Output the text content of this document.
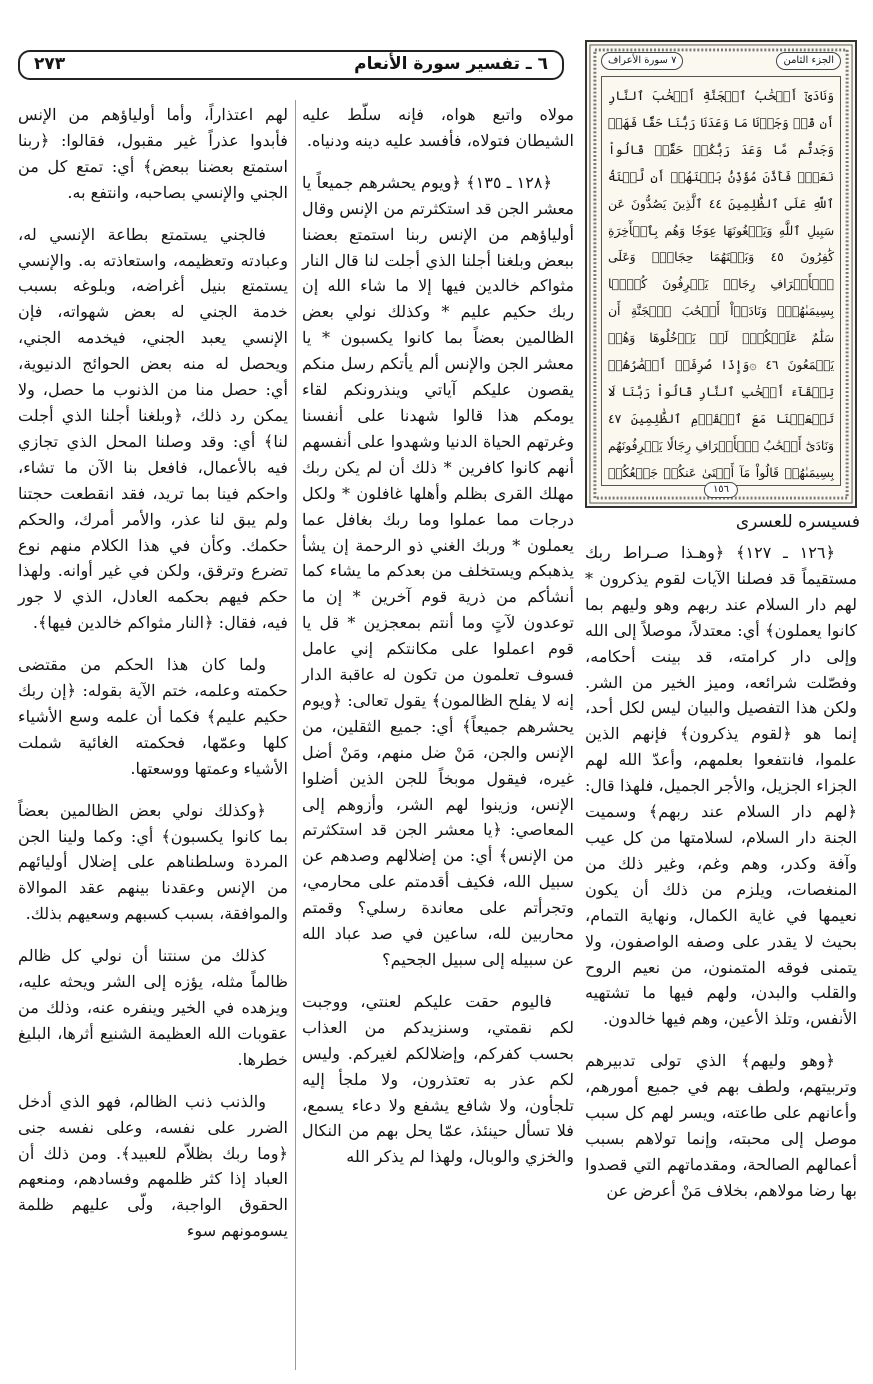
٦ ـ تفسير سورة الأنعام
٢٧٣	الجزء الثامن
٧ سورة الأعراف
وَنَادَىٰٓ أَصۡحَٰبُ ٱلۡجَنَّةِ أَصۡحَٰبَ ٱلنَّارِ أَن قَدۡ وَجَدۡنَا مَا وَعَدَنَا رَبُّنَا حَقّٗا فَهَلۡ وَجَدتُّم مَّا وَعَدَ رَبُّكُمۡ حَقّٗاۖ قَالُواْ نَعَمۡۚ فَأَذَّنَ مُؤَذِّنُۢ بَيۡنَهُمۡ أَن لَّعۡنَةُ ٱللَّهِ عَلَى ٱلظَّٰلِمِينَ ٤٤ ٱلَّذِينَ يَصُدُّونَ عَن سَبِيلِ ٱللَّهِ وَيَبۡغُونَهَا عِوَجٗا وَهُم بِٱلۡأٓخِرَةِ كَٰفِرُونَ ٤٥ وَبَيۡنَهُمَا حِجَابٞۚ وَعَلَى ٱلۡأَعۡرَافِ رِجَالٞ يَعۡرِفُونَ كُلَّۢا بِسِيمَىٰهُمۡۚ وَنَادَوۡاْ أَصۡحَٰبَ ٱلۡجَنَّةِ أَن سَلَٰمٌ عَلَيۡكُمۡۚ لَمۡ يَدۡخُلُوهَا وَهُمۡ يَطۡمَعُونَ ٤٦ ۞وَإِذَا صُرِفَتۡ أَبۡصَٰرُهُمۡ تِلۡقَآءَ أَصۡحَٰبِ ٱلنَّارِ قَالُواْ رَبَّنَا لَا تَجۡعَلۡنَا مَعَ ٱلۡقَوۡمِ ٱلظَّٰلِمِينَ ٤٧ وَنَادَىٰٓ أَصۡحَٰبُ ٱلۡأَعۡرَافِ رِجَالٗا يَعۡرِفُونَهُم بِسِيمَىٰهُمۡ قَالُواْ مَآ أَغۡنَىٰ عَنكُمۡ جَمۡعُكُمۡ
١٥٦
فسيسره للعسرى

﴿١٢٦ ـ ١٢٧﴾ ﴿وهـذا صـراط ربك مستقيماً قد فصلنا الآيات لقوم يذكرون * لهم دار السلام عند ربهم وهو وليهم بما كانوا يعملون﴾ أي: معتدلاً، موصلاً إلى الله وإلى دار كرامته، قد بينت أحكامه، وفصّلت شرائعه، وميز الخير من الشر. ولكن هذا التفصيل والبيان ليس لكل أحد، إنما هو ﴿لقوم يذكرون﴾ فإنهم الذين علموا، فانتفعوا بعلمهم، وأعدّ الله لهم الجزاء الجزيل، والأجر الجميل، فلهذا قال: ﴿لهم دار السلام عند ربهم﴾ وسميت الجنة دار السلام، لسلامتها من كل عيب وآفة وكدر، وهم وغم، وغير ذلك من المنغصات، ويلزم من ذلك أن يكون نعيمها في غاية الكمال، ونهاية التمام، بحيث لا يقدر على وصفه الواصفون، ولا يتمنى فوقه المتمنون، من نعيم الروح والقلب والبدن، ولهم فيها ما تشتهيه الأنفس، وتلذ الأعين، وهم فيها خالدون.

﴿وهو وليهم﴾ الذي تولى تدبيرهم وتربيتهم، ولطف بهم في جميع أمورهم، وأعانهم على طاعته، ويسر لهم كل سبب موصل إلى محبته، وإنما تولاهم بسبب أعمالهم الصالحة، ومقدماتهم التي قصدوا بها رضا مولاهم، بخلاف مَنْ أعرض عن

مولاه واتبع هواه، فإنه سلّط عليه الشيطان فتولاه، فأفسد عليه دينه ودنياه.

﴿١٢٨ ـ ١٣٥﴾ ﴿ويوم يحشرهم جميعاً يا معشر الجن قد استكثرتم من الإنس وقال أولياؤهم من الإنس ربنا استمتع بعضنا ببعض وبلغنا أجلنا الذي أجلت لنا قال النار مثواكم خالدين فيها إلا ما شاء الله إن ربك حكيم عليم * وكذلك نولي بعض الظالمين بعضاً بما كانوا يكسبون * يا معشر الجن والإنس ألم يأتكم رسل منكم يقصون عليكم آياتي وينذرونكم لقاء يومكم هذا قالوا شهدنا على أنفسنا وغرتهم الحياة الدنيا وشهدوا على أنفسهم أنهم كانوا كافرين * ذلك أن لم يكن ربك مهلك القرى بظلم وأهلها غافلون * ولكل درجات مما عملوا وما ربك بغافل عما يعملون * وربك الغني ذو الرحمة إن يشأ يذهبكم ويستخلف من بعدكم ما يشاء كما أنشأكم من ذرية قوم آخرين * إن ما توعدون لآتٍ وما أنتم بمعجزين * قل يا قوم اعملوا على مكانتكم إني عامل فسوف تعلمون من تكون له عاقبة الدار إنه لا يفلح الظالمون﴾ يقول تعالى: ﴿ويوم يحشرهم جميعاً﴾ أي: جميع الثقلين، من الإنس والجن، مَنْ ضل منهم، ومَنْ أضل غيره، فيقول موبخاً للجن الذين أضلوا الإنس، وزينوا لهم الشر، وأزوهم إلى المعاصي: ﴿يا معشر الجن قد استكثرتم من الإنس﴾ أي: من إضلالهم وصدهم عن سبيل الله، فكيف أقدمتم على محارمي، وتجرأتم على معاندة رسلي؟ وقمتم محاربين لله، ساعين في صد عباد الله عن سبيله إلى سبيل الجحيم؟

فاليوم حقت عليكم لعنتي، ووجبت لكم نقمتي، وسنزيدكم من العذاب بحسب كفركم، وإضلالكم لغيركم. وليس لكم عذر به تعتذرون، ولا ملجأ إليه تلجأون، ولا شافع يشفع ولا دعاء يسمع، فلا تسأل حينئذ، عمّا يحل بهم من النكال والخزي والوبال، ولهذا لم يذكر الله

لهم اعتذاراً، وأما أولياؤهم من الإنس فأبدوا عذراً غير مقبول، فقالوا: ﴿ربنا استمتع بعضنا ببعض﴾ أي: تمتع كل من الجني والإنسي بصاحبه، وانتفع به.

فالجني يستمتع بطاعة الإنسي له، وعبادته وتعظيمه، واستعاذته به. والإنسي يستمتع بنيل أغراضه، وبلوغه بسبب خدمة الجني له بعض شهواته، فإن الإنسي يعبد الجني، فيخدمه الجني، ويحصل له منه بعض الحوائج الدنيوية، أي: حصل منا من الذنوب ما حصل، ولا يمكن رد ذلك، ﴿وبلغنا أجلنا الذي أجلت لنا﴾ أي: وقد وصلنا المحل الذي تجازي فيه بالأعمال، فافعل بنا الآن ما تشاء، واحكم فينا بما تريد، فقد انقطعت حجتنا ولم يبق لنا عذر، والأمر أمرك، والحكم حكمك. وكأن في هذا الكلام منهم نوع تضرع وترقق، ولكن في غير أوانه. ولهذا حكم فيهم بحكمه العادل، الذي لا جور فيه، فقال: ﴿النار مثواكم خالدين فيها﴾.

ولما كان هذا الحكم من مقتضى حكمته وعلمه، ختم الآية بقوله: ﴿إن ربك حكيم عليم﴾ فكما أن علمه وسع الأشياء كلها وعمّها، فحكمته الغائية شملت الأشياء وعمتها ووسعتها.

﴿وكذلك نولي بعض الظالمين بعضاً بما كانوا يكسبون﴾ أي: وكما ولينا الجن المردة وسلطناهم على إضلال أوليائهم من الإنس وعقدنا بينهم عقد الموالاة والموافقة، بسبب كسبهم وسعيهم بذلك.

كذلك من سنتنا أن نولي كل ظالم ظالماً مثله، يؤزه إلى الشر ويحثه عليه، ويزهده في الخير وينفره عنه، وذلك من عقوبات الله العظيمة الشنيع أثرها، البليغ خطرها.

والذنب ذنب الظالم، فهو الذي أدخل الضرر على نفسه، وعلى نفسه جنى ﴿وما ربك بظلاّم للعبيد﴾. ومن ذلك أن العباد إذا كثر ظلمهم وفسادهم، ومنعهم الحقوق الواجبة، ولّى عليهم ظلمة يسومونهم سوء
